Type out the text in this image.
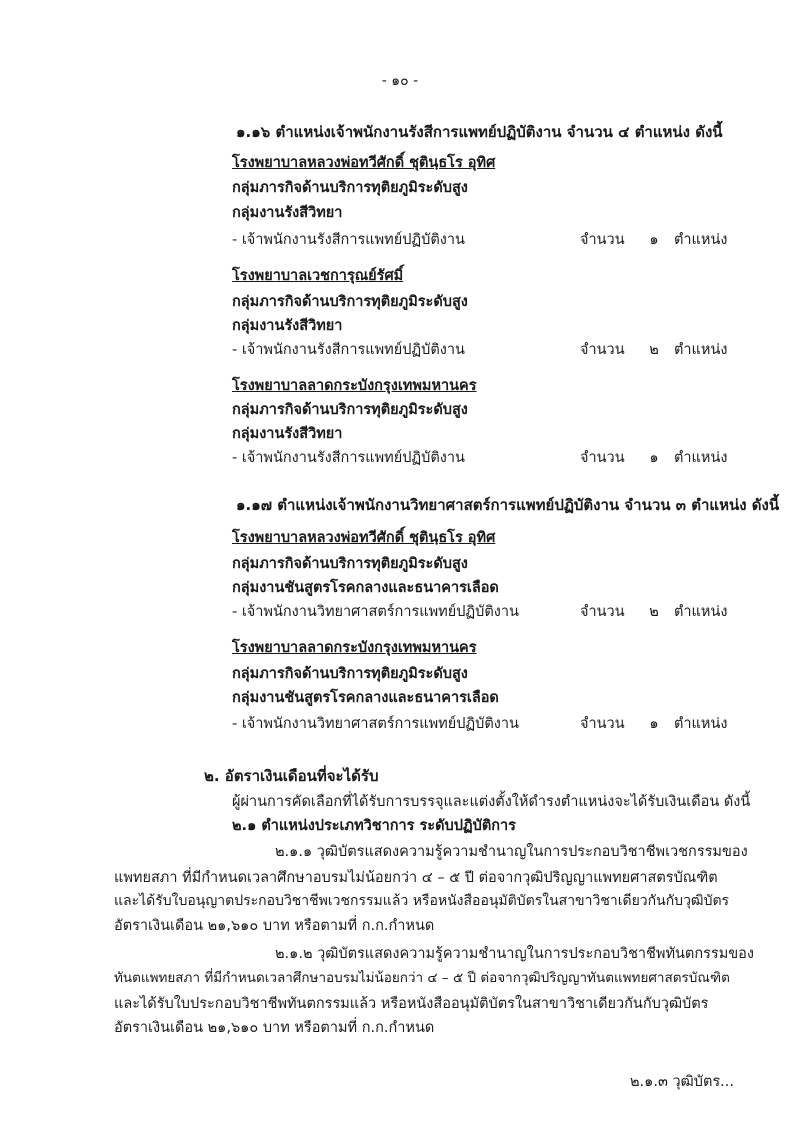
- ๑๐ -
๑.๑๖ ตำแหน่งเจ้าพนักงานรังสีการแพทย์ปฏิบัติงาน จำนวน ๔ ตำแหน่ง ดังนี้
โรงพยาบาลหลวงพ่อทวีศักดิ์ ชุตินฺธโร อุทิศ
กลุ่มภารกิจด้านบริการทุติยภูมิระดับสูง
กลุ่มงานรังสีวิทยา
- เจ้าพนักงานรังสีการแพทย์ปฏิบัติงาน	จำนวน ๑ ตำแหน่ง
โรงพยาบาลเวชการุณย์รัศมิ์
กลุ่มภารกิจด้านบริการทุติยภูมิระดับสูง
กลุ่มงานรังสีวิทยา
- เจ้าพนักงานรังสีการแพทย์ปฏิบัติงาน	จำนวน ๒ ตำแหน่ง
โรงพยาบาลลาดกระบังกรุงเทพมหานคร
กลุ่มภารกิจด้านบริการทุติยภูมิระดับสูง
กลุ่มงานรังสีวิทยา
- เจ้าพนักงานรังสีการแพทย์ปฏิบัติงาน	จำนวน ๑ ตำแหน่ง
๑.๑๗ ตำแหน่งเจ้าพนักงานวิทยาศาสตร์การแพทย์ปฏิบัติงาน จำนวน ๓ ตำแหน่ง ดังนี้
โรงพยาบาลหลวงพ่อทวีศักดิ์ ชุตินฺธโร อุทิศ
กลุ่มภารกิจด้านบริการทุติยภูมิระดับสูง
กลุ่มงานชันสูตรโรคกลางและธนาคารเลือด
- เจ้าพนักงานวิทยาศาสตร์การแพทย์ปฏิบัติงาน	จำนวน ๒ ตำแหน่ง
โรงพยาบาลลาดกระบังกรุงเทพมหานคร
กลุ่มภารกิจด้านบริการทุติยภูมิระดับสูง
กลุ่มงานชันสูตรโรคกลางและธนาคารเลือด
- เจ้าพนักงานวิทยาศาสตร์การแพทย์ปฏิบัติงาน	จำนวน ๑ ตำแหน่ง
๒. อัตราเงินเดือนที่จะได้รับ
ผู้ผ่านการคัดเลือกที่ได้รับการบรรจุและแต่งตั้งให้ดำรงตำแหน่งจะได้รับเงินเดือน ดังนี้
๒.๑ ตำแหน่งประเภทวิชาการ ระดับปฏิบัติการ
๒.๑.๑ วุฒิบัตรแสดงความรู้ความชำนาญในการประกอบวิชาชีพเวชกรรมของ
แพทยสภา ที่มีกำหนดเวลาศึกษาอบรมไม่น้อยกว่า ๔ – ๕ ปี ต่อจากวุฒิปริญญาแพทยศาสตรบัณฑิต
และได้รับใบอนุญาตประกอบวิชาชีพเวชกรรมแล้ว หรือหนังสืออนุมัติบัตรในสาขาวิชาเดียวกันกับวุฒิบัตร
อัตราเงินเดือน ๒๑,๖๑๐ บาท หรือตามที่ ก.ก.กำหนด
๒.๑.๒ วุฒิบัตรแสดงความรู้ความชำนาญในการประกอบวิชาชีพทันตกรรมของ
ทันตแพทยสภา ที่มีกำหนดเวลาศึกษาอบรมไม่น้อยกว่า ๔ – ๕ ปี ต่อจากวุฒิปริญญาทันตแพทยศาสตรบัณฑิต
และได้รับใบประกอบวิชาชีพทันตกรรมแล้ว หรือหนังสืออนุมัติบัตรในสาขาวิชาเดียวกันกับวุฒิบัตร
อัตราเงินเดือน ๒๑,๖๑๐ บาท หรือตามที่ ก.ก.กำหนด
๒.๑.๓ วุฒิบัตร...
